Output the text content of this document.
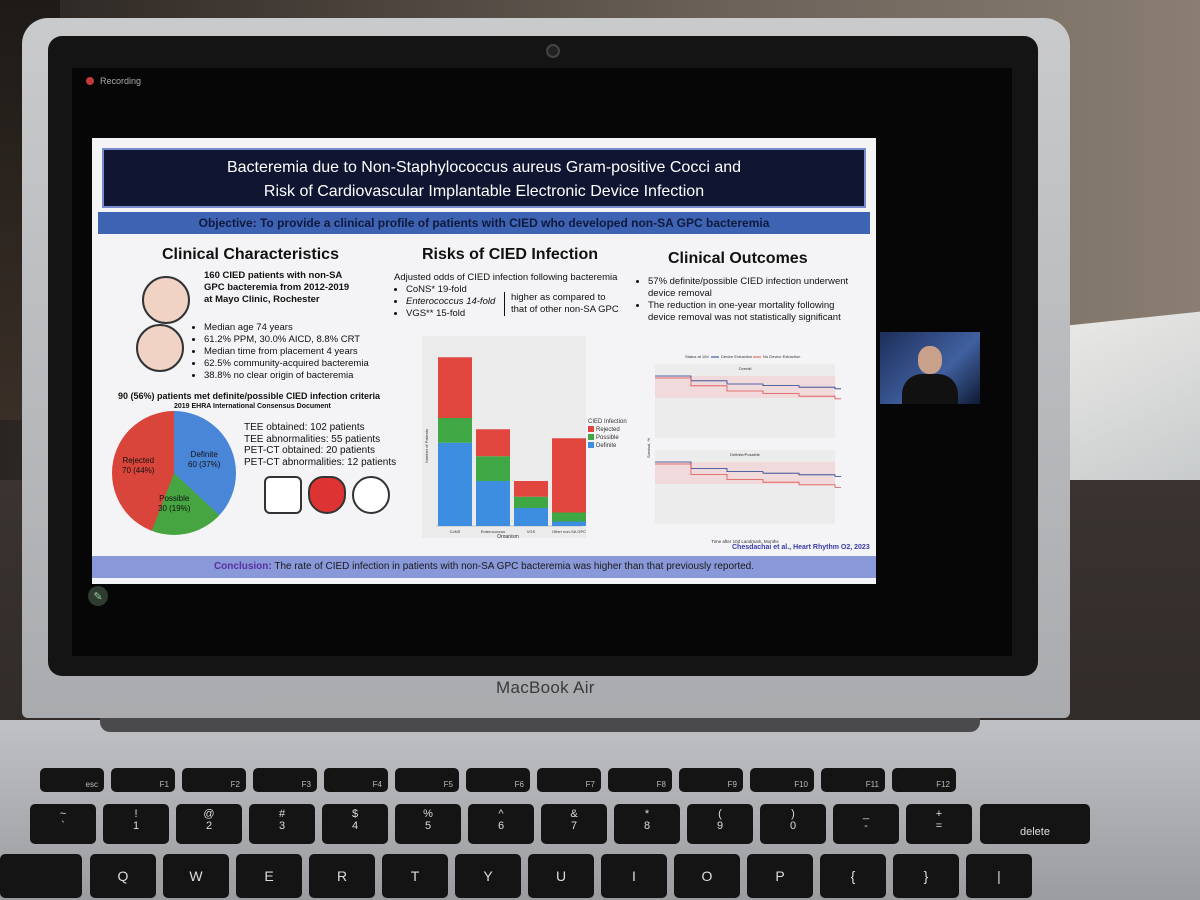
Recording
Bacteremia due to Non-Staphylococcus aureus Gram-positive Cocci and
Risk of Cardiovascular Implantable Electronic Device Infection
Objective: To provide a clinical profile of patients with CIED who developed non-SA GPC bacteremia
Clinical Characteristics
160 CIED patients with non-SA GPC bacteremia from 2012-2019 at Mayo Clinic, Rochester
• Median age 74 years
• 61.2% PPM, 30.0% AICD, 8.8% CRT
• Median time from placement 4 years
• 62.5% community-acquired bacteremia
• 38.8% no clear origin of bacteremia
90 (56%) patients met definite/possible CIED infection criteria
2019 EHRA International Consensus Document
Definite
60 (37%)
Possible
30 (19%)
Rejected
70 (44%)
TEE obtained: 102 patients
TEE abnormalities: 55 patients
PET-CT obtained: 20 patients
PET-CT abnormalities: 12 patients
Risks of CIED Infection
Adjusted odds of CIED infection following bacteremia
• CoNS* 19-fold
• Enterococcus 14-fold
• VGS** 15-fold
higher as compared to that of other non-SA GPC
CoNS	Enterococcus	VGS	Other non-SA GPC
Organism
Number of Patients
CIED Infection
Rejected
Possible
Definite
Clinical Outcomes
• 57% definite/possible CIED infection underwent device removal
• The reduction in one-year mortality following device removal was not statistically significant
Status at 10d	Device Extraction	No Device Extraction
Overall
Definite/Possible
Time after 10d Landmark, Months
Survival, %
Chesdachai et al., Heart Rhythm O2, 2023
Conclusion: The rate of CIED infection in patients with non-SA GPC bacteremia was higher than that previously reported.
✎
MacBook Air
esc	F1	F2	F3	F4	F5	F6	F7	F8	F9	F10	F11	F12
~
`
!
1
@
2
#
3
$
4
%
5
^
6
&
7
*
8
(
9
)
0
_
-
+
=	delete
Q	W	E	R	T	Y	U	I	O	P	{	}	|
